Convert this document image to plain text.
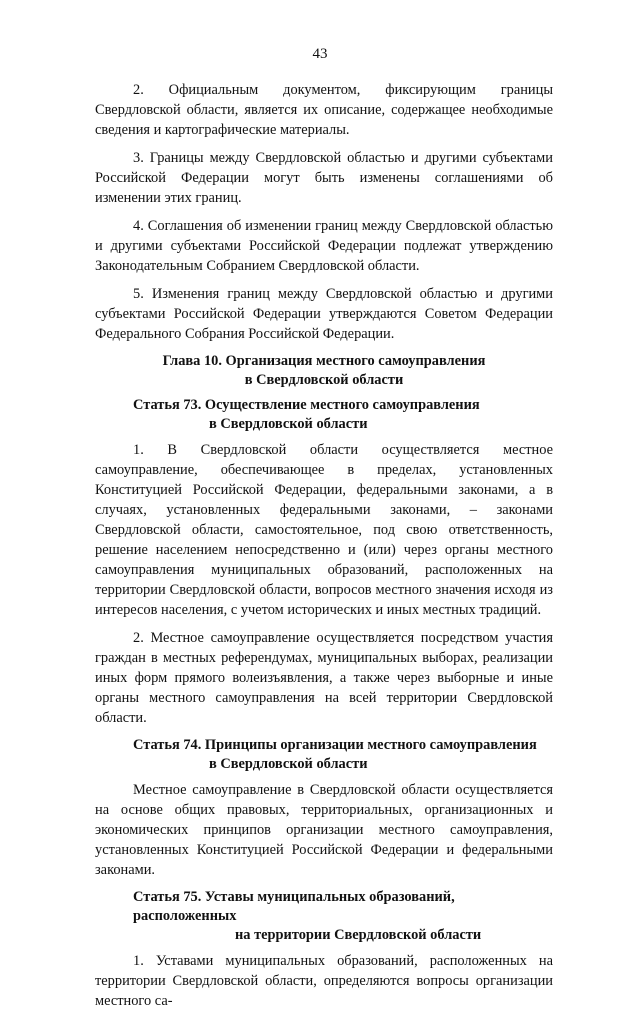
43

2. Официальным документом, фиксирующим границы Свердловской области, является их описание, содержащее необходимые сведения и картографические материалы.

3. Границы между Свердловской областью и другими субъектами Российской Федерации могут быть изменены соглашениями об изменении этих границ.

4. Соглашения об изменении границ между Свердловской областью и другими субъектами Российской Федерации подлежат утверждению Законодательным Собранием Свердловской области.

5. Изменения границ между Свердловской областью и другими субъектами Российской Федерации утверждаются Советом Федерации Федерального Собрания Российской Федерации.

Глава 10. Организация местного самоуправления
в Свердловской области
Статья 73. Осуществление местного самоуправления
в Свердловской области

1. В Свердловской области осуществляется местное самоуправление, обеспечивающее в пределах, установленных Конституцией Российской Федерации, федеральными законами, а в случаях, установленных федеральными законами, – законами Свердловской области, самостоятельное, под свою ответственность, решение населением непосредственно и (или) через органы местного самоуправления муниципальных образований, расположенных на территории Свердловской области, вопросов местного значения исходя из интересов населения, с учетом исторических и иных местных традиций.

2. Местное самоуправление осуществляется посредством участия граждан в местных референдумах, муниципальных выборах, реализации иных форм прямого волеизъявления, а также через выборные и иные органы местного самоуправления на всей территории Свердловской области.

Статья 74. Принципы организации местного самоуправления
в Свердловской области

Местное самоуправление в Свердловской области осуществляется на основе общих правовых, территориальных, организационных и экономических принципов организации местного самоуправления, установленных Конституцией Российской Федерации и федеральными законами.

Статья 75. Уставы муниципальных образований, расположенных
на территории Свердловской области

1. Уставами муниципальных образований, расположенных на территории Свердловской области, определяются вопросы организации местного са-
